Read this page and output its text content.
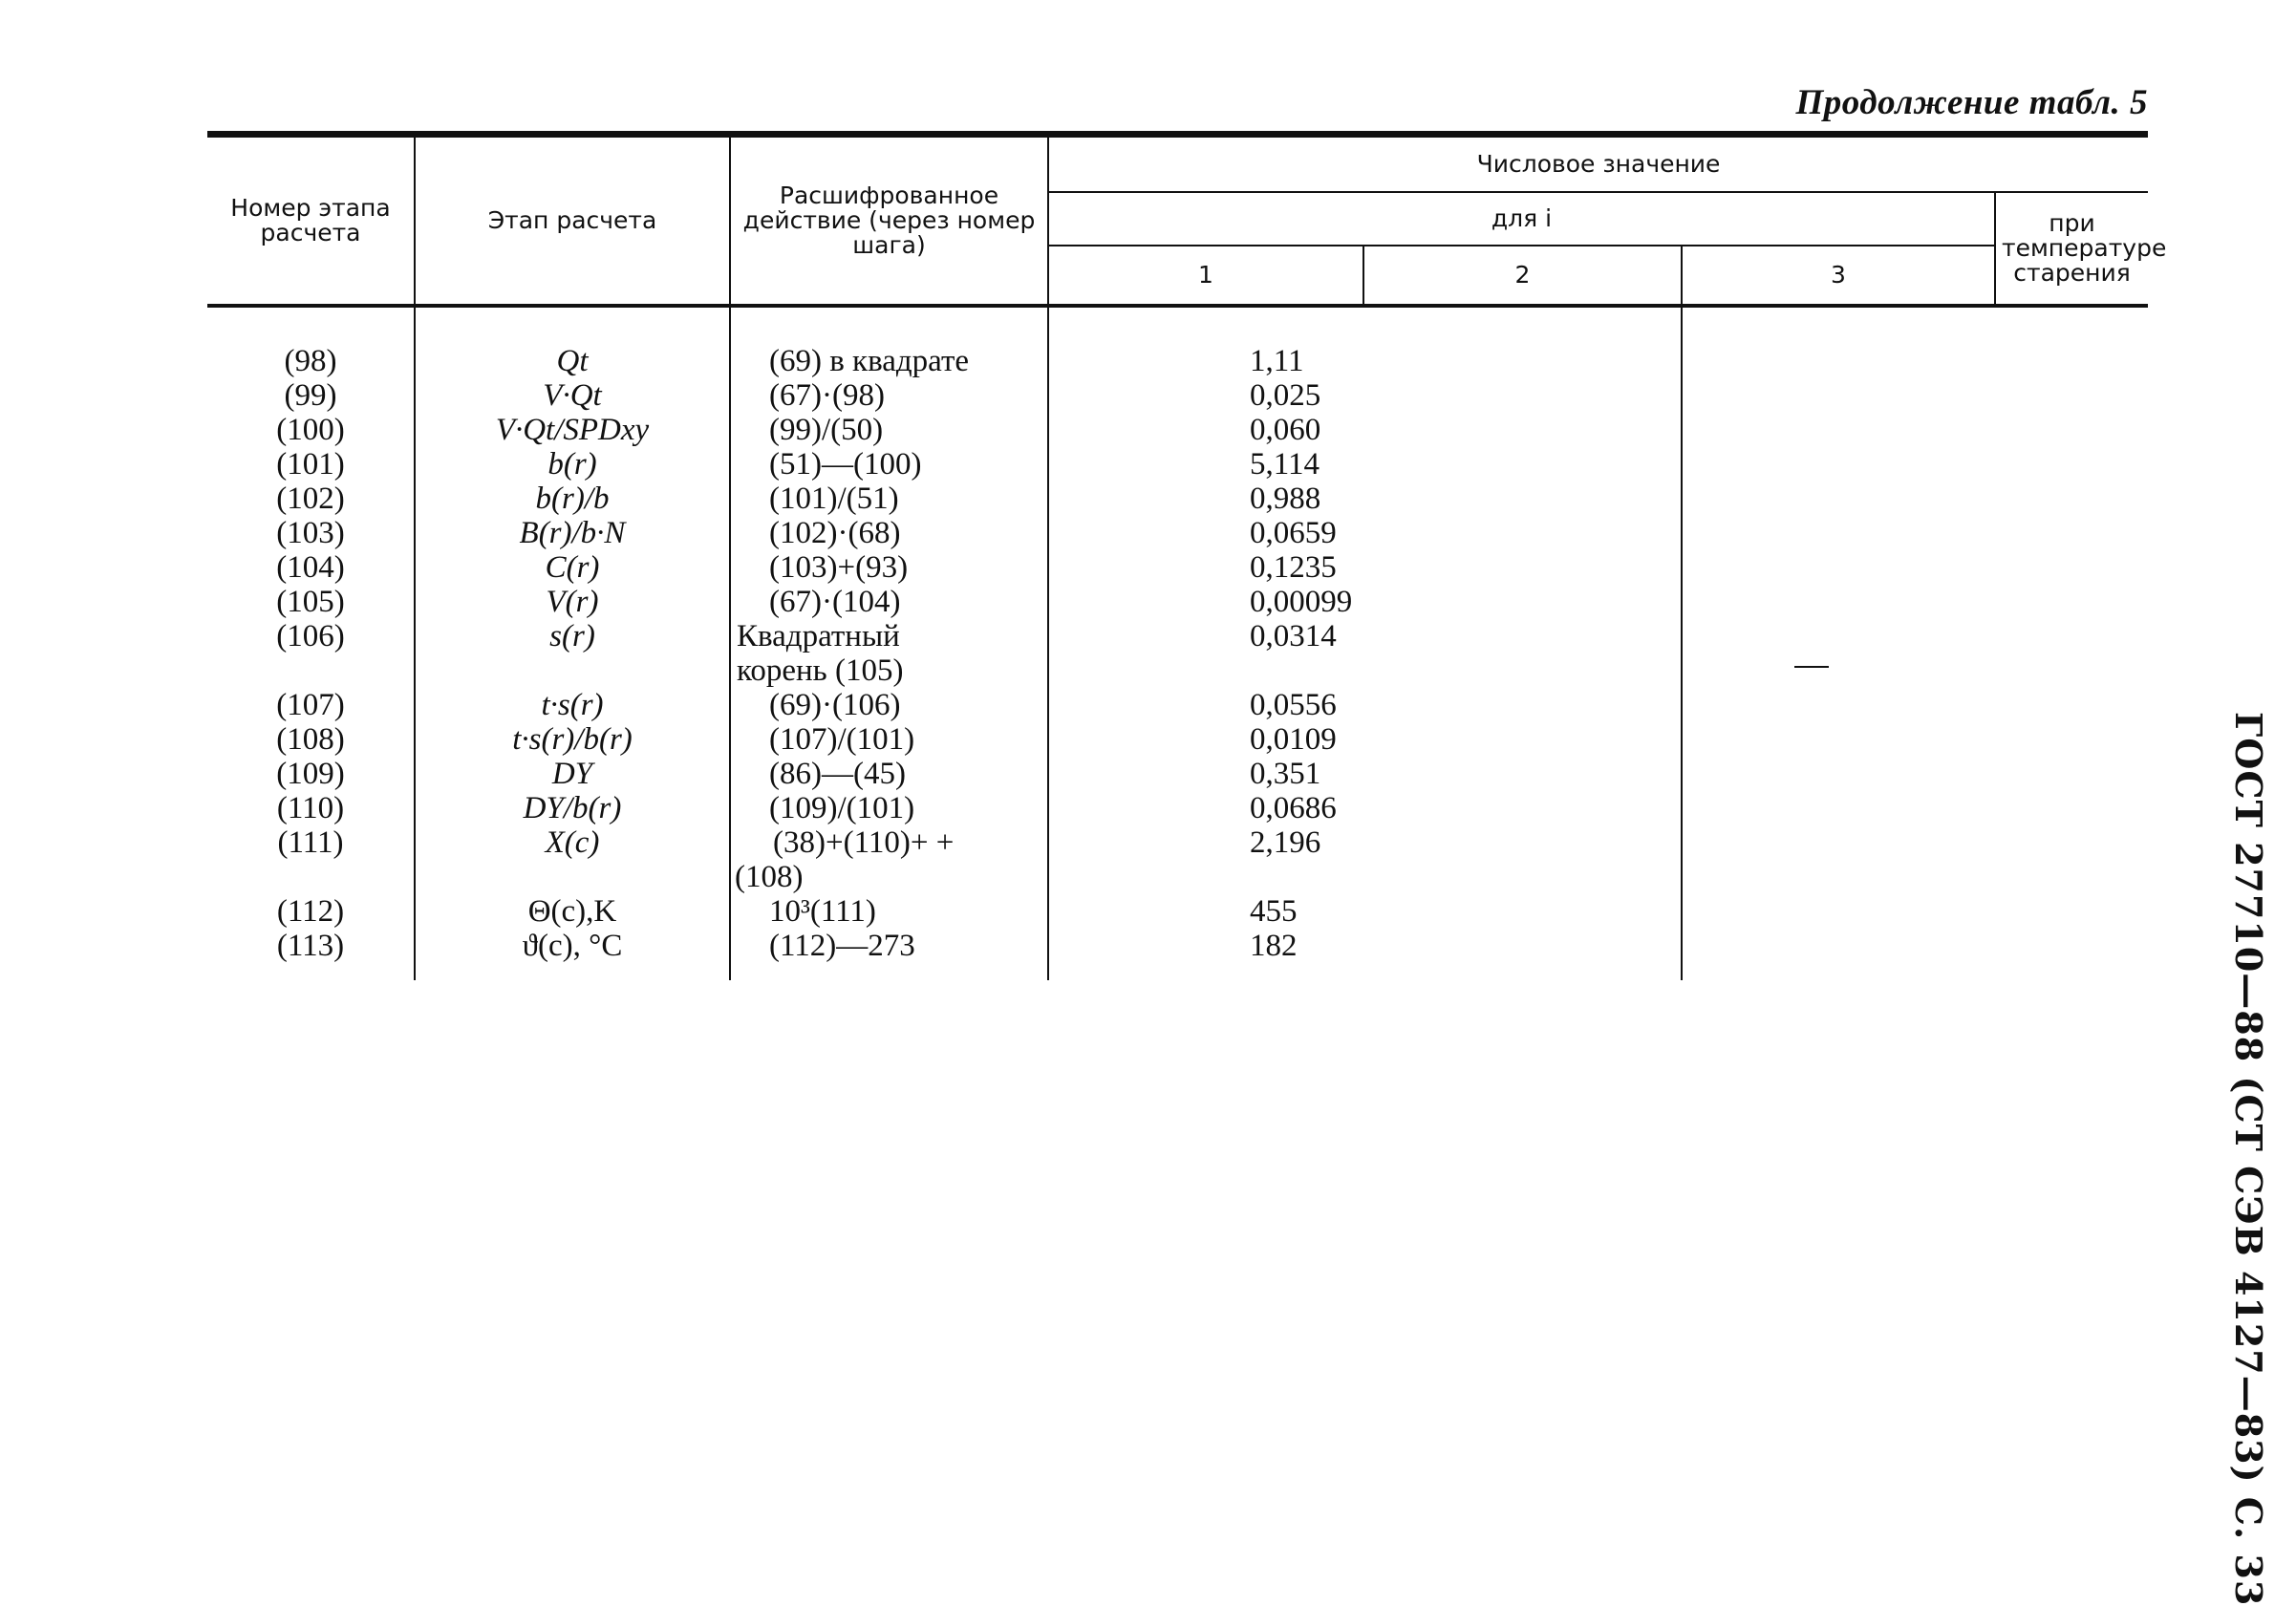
Продолжение табл. 5
Номер этапа расчета	Этап расчета	Расшифрованное действие (через номер шага)	Числовое значение			
			для i			при температуре старения
			1	2	3	
(98)	Qt	(69) в квадрате	1,11			
(99)	V·Qt	(67)·(98)	0,025			
(100)	V·Qt/SPDxy	(99)/(50)	0,060			
(101)	b(r)	(51)—(100)	5,114			
(102)	b(r)/b	(101)/(51)	0,988			
(103)	B(r)/b·N	(102)·(68)	0,0659			
(104)	C(r)	(103)+(93)	0,1235			
(105)	V(r)	(67)·(104)	0,00099			
(106)	s(r)	Квадратный корень (105)	0,0314			
(107)	t·s(r)	(69)·(106)	0,0556			
(108)	t·s(r)/b(r)	(107)/(101)	0,0109			
(109)	DY	(86)—(45)	0,351			
(110)	DY/b(r)	(109)/(101)	0,0686			
(111)	X(c)	(38)+(110)+ +(108)	2,196			
(112)	Θ(c),K	10³(111)	455			
(113)	ϑ(c), °C	(112)—273	182				ГОСТ 27710—88 (СТ СЭВ 4127—83) С. 33
